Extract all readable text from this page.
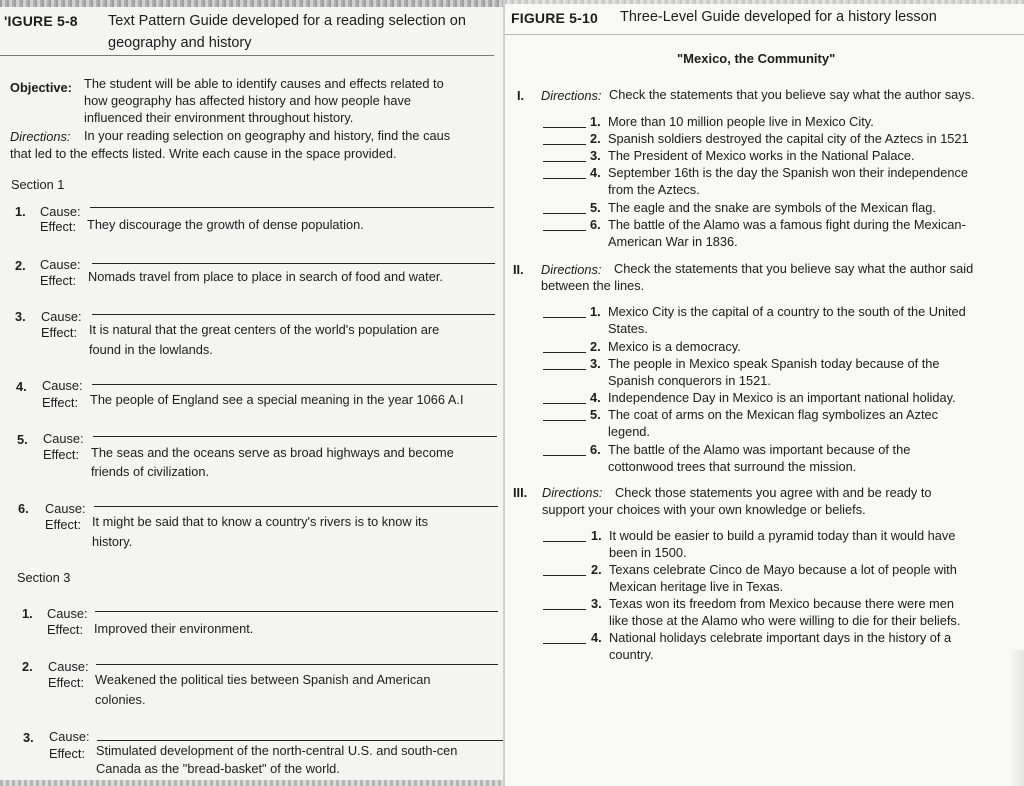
'IGURE 5-8 Text Pattern Guide developed for a reading selection on
geography and history
Objective: The student will be able to identify causes and effects related to
how geography has affected history and how people have
influenced their environment throughout history.
Directions: In your reading selection on geography and history, find the caus
that led to the effects listed. Write each cause in the space provided.
Section 1
1. Cause:
Effect: They discourage the growth of dense population.
2. Cause:
Effect: Nomads travel from place to place in search of food and water.
3. Cause:
Effect: It is natural that the great centers of the world's population are
found in the lowlands.
4. Cause:
Effect: The people of England see a special meaning in the year 1066 A.I
5. Cause:
Effect: The seas and the oceans serve as broad highways and become
friends of civilization.
6. Cause:
Effect: It might be said that to know a country's rivers is to know its
history.
Section 3
1. Cause:
Effect: Improved their environment.
2. Cause:
Effect: Weakened the political ties between Spanish and American
colonies.
3. Cause:
Effect: Stimulated development of the north-central U.S. and south-cen
Canada as the "bread-basket" of the world.
FIGURE 5-10 Three-Level Guide developed for a history lesson
"Mexico, the Community"
I. Directions: Check the statements that you believe say what the author says.
1. More than 10 million people live in Mexico City.
2. Spanish soldiers destroyed the capital city of the Aztecs in 1521
3. The President of Mexico works in the National Palace.
4. September 16th is the day the Spanish won their independence
from the Aztecs.
5. The eagle and the snake are symbols of the Mexican flag.
6. The battle of the Alamo was a famous fight during the Mexican-
American War in 1836.
II. Directions: Check the statements that you believe say what the author said
between the lines.
1. Mexico City is the capital of a country to the south of the United
States.
2. Mexico is a democracy.
3. The people in Mexico speak Spanish today because of the
Spanish conquerors in 1521.
4. Independence Day in Mexico is an important national holiday.
5. The coat of arms on the Mexican flag symbolizes an Aztec
legend.
6. The battle of the Alamo was important because of the
cottonwood trees that surround the mission.
III. Directions: Check those statements you agree with and be ready to
support your choices with your own knowledge or beliefs.
1. It would be easier to build a pyramid today than it would have
been in 1500.
2. Texans celebrate Cinco de Mayo because a lot of people with
Mexican heritage live in Texas.
3. Texas won its freedom from Mexico because there were men
like those at the Alamo who were willing to die for their beliefs.
4. National holidays celebrate important days in the history of a
country.
